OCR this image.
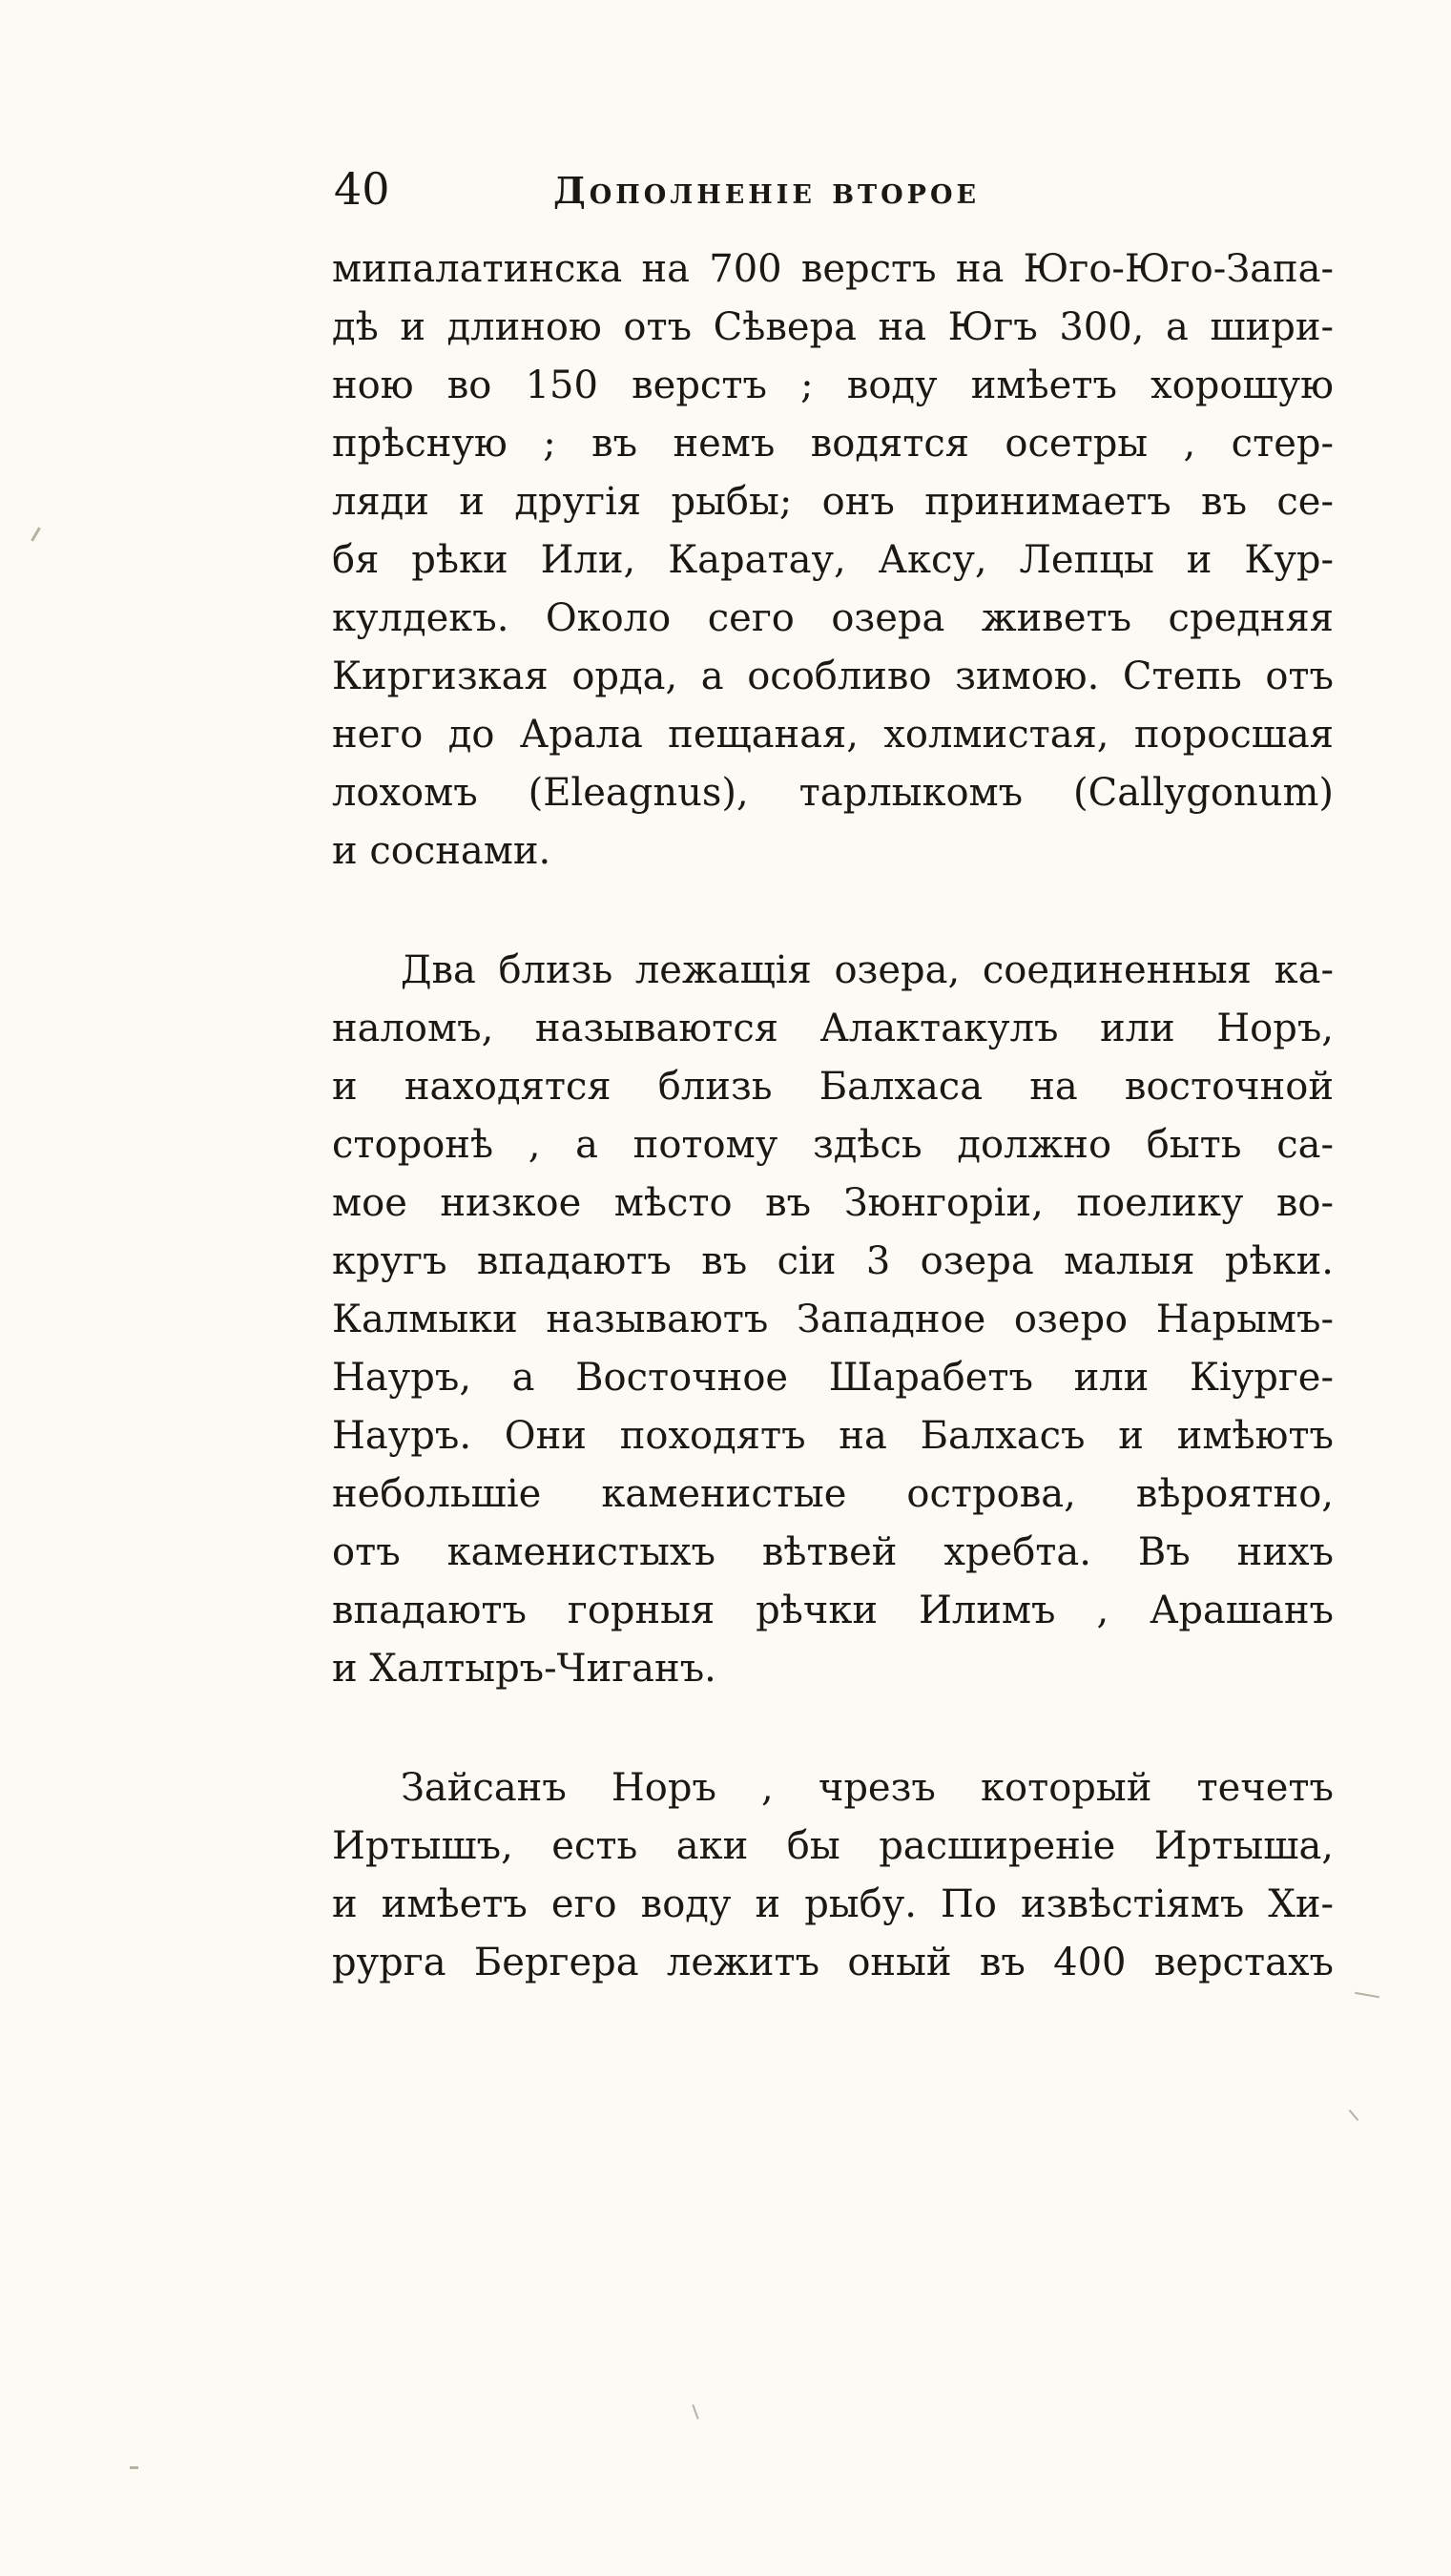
40	Дополненіе второе
мипалатинска на 700 верстъ на Юго-Юго-Запа-
дѣ и длиною отъ Сѣвера на Югъ 300, а шири-
ною во 150 верстъ ; воду имѣетъ хорошую
прѣсную ; въ немъ водятся осетры , стер-
ляди и другія рыбы; онъ принимаетъ въ се-
бя рѣки Или, Каратау, Аксу, Лепцы и Кур-
кулдекъ. Около сего озера живетъ средняя
Киргизкая орда, а особливо зимою. Степь отъ
него до Арала пещаная, холмистая, поросшая
лохомъ (Eleagnus), тарлыкомъ (Callygonum)
и соснами.
Два близь лежащія озера, соединенныя ка-
наломъ, называются Алактакулъ или Норъ,
и находятся близь Балхаса на восточной
сторонѣ , а потому здѣсь должно быть са-
мое низкое мѣсто въ Зюнгоріи, поелику во-
кругъ впадаютъ въ сіи 3 озера малыя рѣки.
Калмыки называютъ Западное озеро Нарымъ-
Науръ, а Восточное Шарабетъ или Кіурге-
Науръ. Они походятъ на Балхасъ и имѣютъ
небольшіе каменистые острова, вѣроятно,
отъ каменистыхъ вѣтвей хребта. Въ нихъ
впадаютъ горныя рѣчки Илимъ , Арашанъ
и Халтыръ-Чиганъ.
Зайсанъ Норъ , чрезъ который течетъ
Иртышъ, есть аки бы расширеніе Иртыша,
и имѣетъ его воду и рыбу. По извѣстіямъ Хи-
рурга Бергера лежитъ оный въ 400 верстахъ
